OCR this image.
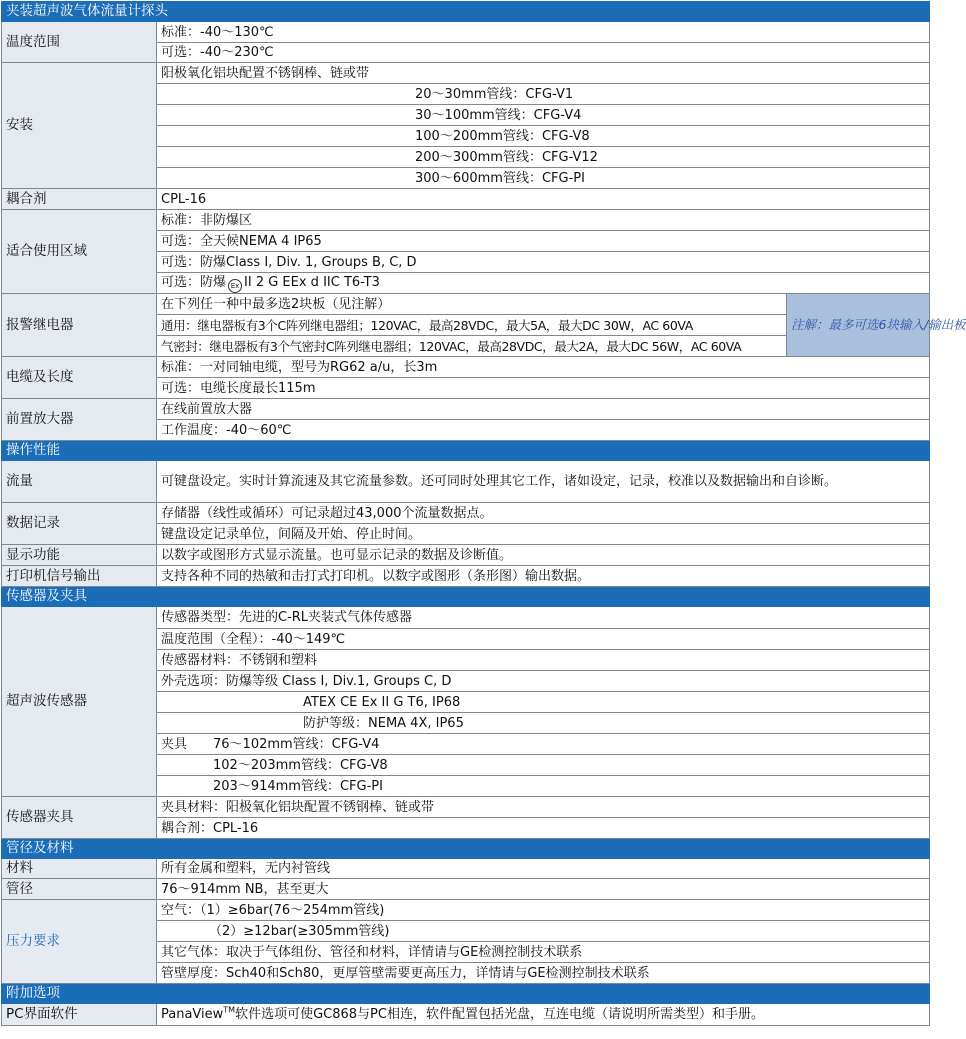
夹装超声波气体流量计探头		
温度范围	标准：-40～130℃	
	可选：-40～230℃	
安装	阳极氧化铝块配置不锈钢棒、链或带	
	20～30mm管线：CFG-V1	
	30～100mm管线：CFG-V4	
	100～200mm管线：CFG-V8	
	200～300mm管线：CFG-V12	
	300～600mm管线：CFG-PI	
耦合剂	CPL-16	
适合使用区域	标准：非防爆区	
	可选：全天候NEMA 4 IP65	
	可选：防爆Class I, Div. 1, Groups B, C, D	
	可选：防爆 Ex II 2 G EEx d IIC T6-T3	
报警继电器	在下列任一种中最多选2块板（见注解）	注解：最多可选6块输入/输出板
	通用：继电器板有3个C阵列继电器组；120VAC，最高28VDC，最大5A，最大DC 30W，AC 60VA	
	气密封：继电器板有3个气密封C阵列继电器组；120VAC，最高28VDC，最大2A，最大DC 56W，AC 60VA	
电缆及长度	标准：一对同轴电缆，型号为RG62 a/u，长3m	
	可选：电缆长度最长115m	
前置放大器	在线前置放大器	
	工作温度：-40～60℃	
操作性能		
流量	可键盘设定。实时计算流速及其它流量参数。还可同时处理其它工作，诸如设定，记录，校准以及数据输出和自诊断。	
数据记录	存储器（线性或循环）可记录超过43,000个流量数据点。	
	键盘设定记录单位，间隔及开始、停止时间。	
显示功能	以数字或图形方式显示流量。也可显示记录的数据及诊断值。	
打印机信号输出	支持各种不同的热敏和击打式打印机。以数字或图形（条形图）输出数据。	
传感器及夹具		
超声波传感器	传感器类型：先进的C-RL夹装式气体传感器	
	温度范围（全程）：-40～149℃	
	传感器材料：不锈钢和塑料	
	外壳选项：防爆等级 Class I, Div.1, Groups C, D	
	ATEX CE Ex II G T6, IP68	
	防护等级：NEMA 4X, IP65	
	夹具 76～102mm管线：CFG-V4	
	102～203mm管线：CFG-V8	
	203～914mm管线：CFG-PI	
传感器夹具	夹具材料：阳极氧化铝块配置不锈钢棒、链或带	
	耦合剂：CPL-16	
管径及材料		
材料	所有金属和塑料，无内衬管线	
管径	76～914mm NB，甚至更大	
压力要求	空气：（1）≥6bar(76～254mm管线)	
	（2）≥12bar(≥305mm管线)	
	其它气体：取决于气体组份、管径和材料，详情请与GE检测控制技术联系	
	管壁厚度：Sch40和Sch80，更厚管壁需要更高压力，详情请与GE检测控制技术联系	
附加选项		
PC界面软件	PanaView™软件选项可使GC868与PC相连，软件配置包括光盘，互连电缆（请说明所需类型）和手册。	
